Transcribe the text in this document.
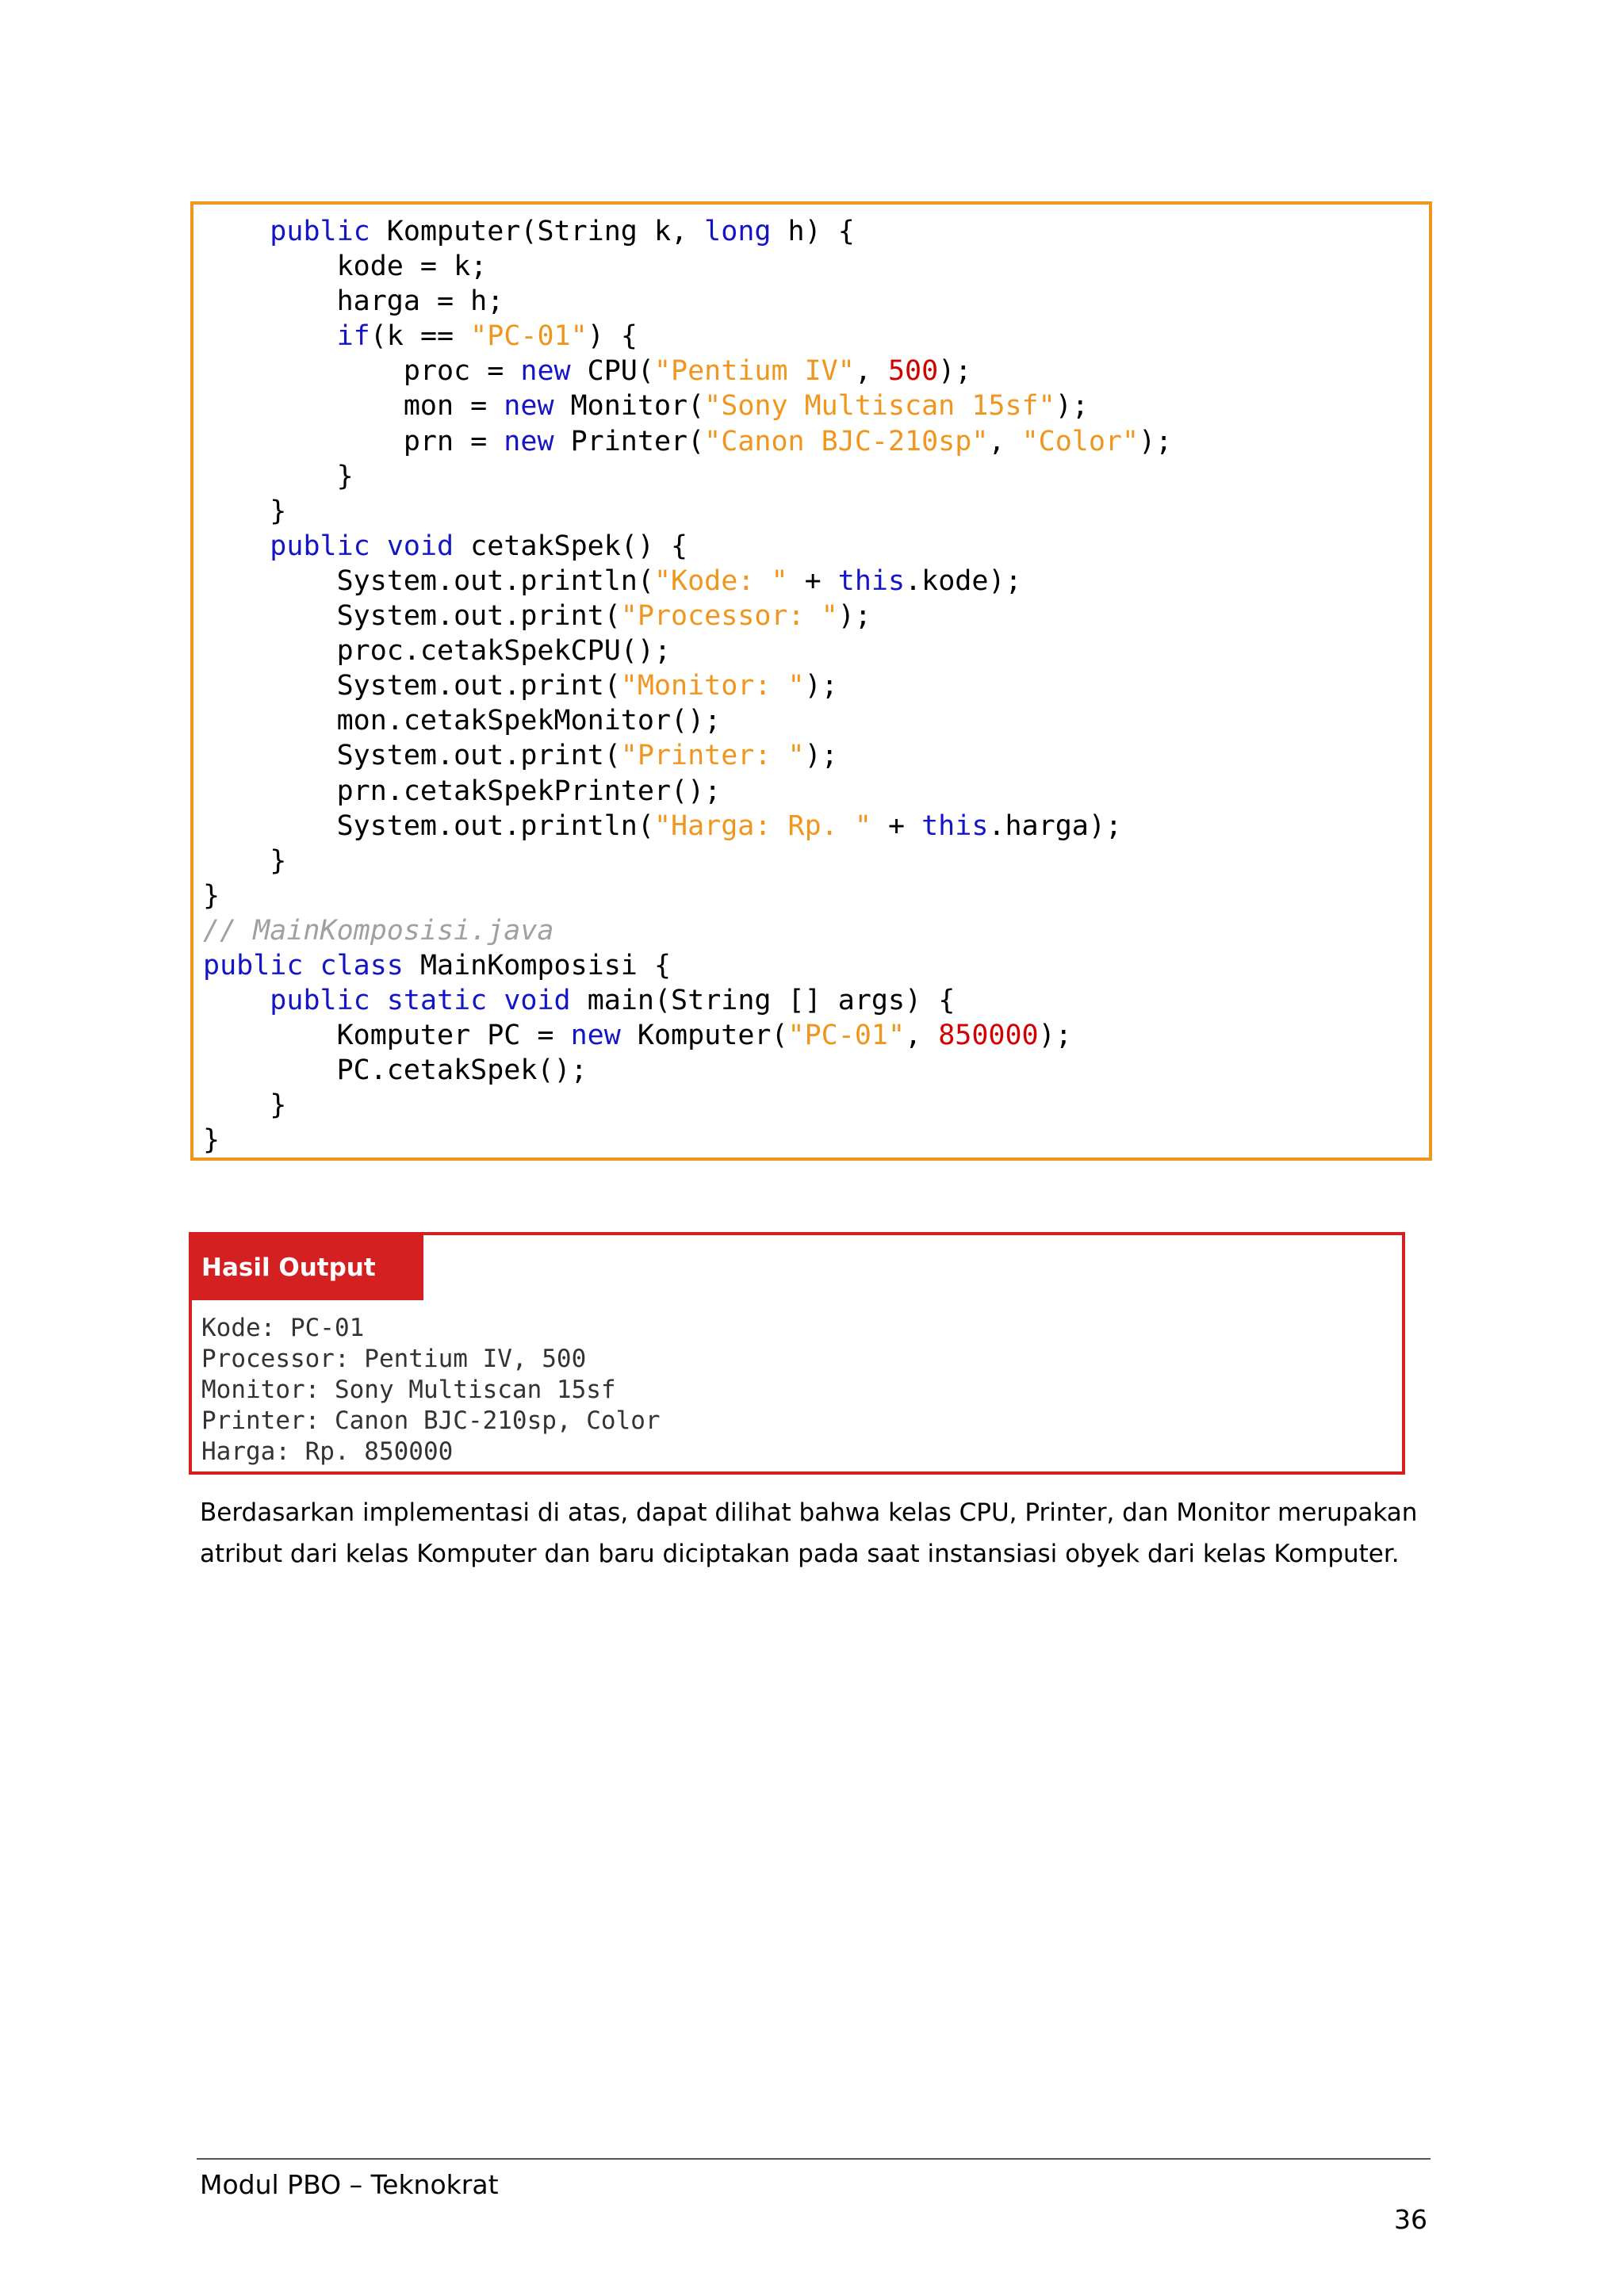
public Komputer(String k, long h) {
kode = k;
harga = h;
if(k == "PC-01") {
proc = new CPU("Pentium IV", 500);
mon = new Monitor("Sony Multiscan 15sf");
prn = new Printer("Canon BJC-210sp", "Color");
}
}
public void cetakSpek() {
System.out.println("Kode: " + this.kode);
System.out.print("Processor: ");
proc.cetakSpekCPU();
System.out.print("Monitor: ");
mon.cetakSpekMonitor();
System.out.print("Printer: ");
prn.cetakSpekPrinter();
System.out.println("Harga: Rp. " + this.harga);
}
}
// MainKomposisi.java
public class MainKomposisi {
public static void main(String [] args) {
Komputer PC = new Komputer("PC-01", 850000);
PC.cetakSpek();
}
}
Hasil Output
Kode: PC-01
Processor: Pentium IV, 500
Monitor: Sony Multiscan 15sf
Printer: Canon BJC-210sp, Color
Harga: Rp. 850000

Berdasarkan implementasi di atas, dapat dilihat bahwa kelas CPU, Printer, dan Monitor merupakan
atribut dari kelas Komputer dan baru diciptakan pada saat instansiasi obyek dari kelas Komputer.

Modul PBO – Teknokrat
36
